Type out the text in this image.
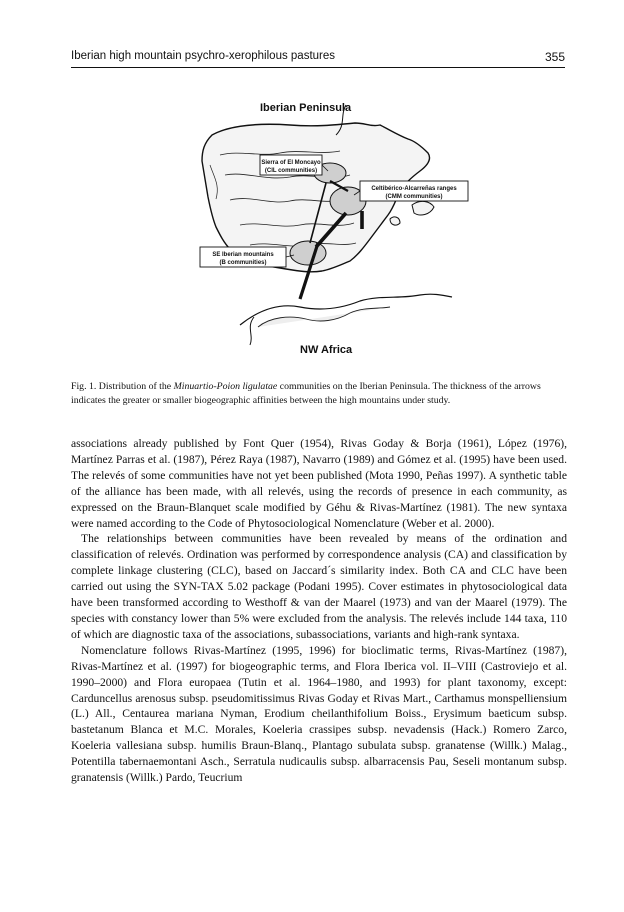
Iberian high mountain psychro-xerophilous pastures	355
Iberian Peninsula
Sierra of El Moncayo
(CIL communities)
Celtibérico-Alcarreñas ranges
(CMM communities)
SE Iberian mountains
(B communities)
NW Africa
Fig. 1. Distribution of the Minuartio-Poion ligulatae communities on the Iberian Peninsula. The thickness of the arrows indicates the greater or smaller biogeographic affinities between the high mountains under study.

associations already published by Font Quer (1954), Rivas Goday & Borja (1961), López (1976), Martínez Parras et al. (1987), Pérez Raya (1987), Navarro (1989) and Gómez et al. (1995) have been used. The relevés of some communities have not yet been published (Mota 1990, Peñas 1997). A synthetic table of the alliance has been made, with all relevés, using the records of presence in each community, as expressed on the Braun-Blanquet scale modified by Géhu & Rivas-Martínez (1981). The new syntaxa were named according to the Code of Phytosociological Nomenclature (Weber et al. 2000).

The relationships between communities have been revealed by means of the ordination and classification of relevés. Ordination was performed by correspondence analysis (CA) and classification by complete linkage clustering (CLC), based on Jaccard´s similarity index. Both CA and CLC have been carried out using the SYN-TAX 5.02 package (Podani 1995). Cover estimates in phytosociological data have been transformed according to Westhoff & van der Maarel (1973) and van der Maarel (1979). The species with constancy lower than 5% were excluded from the analysis. The relevés include 144 taxa, 110 of which are diagnostic taxa of the associations, subassociations, variants and high-rank syntaxa.

Nomenclature follows Rivas-Martínez (1995, 1996) for bioclimatic terms, Rivas-Martínez (1987), Rivas-Martínez et al. (1997) for biogeographic terms, and Flora Iberica vol. II–VIII (Castroviejo et al. 1990–2000) and Flora europaea (Tutin et al. 1964–1980, and 1993) for plant taxonomy, except: Carduncellus arenosus subsp. pseudomitissimus Rivas Goday et Rivas Mart., Carthamus monspelliensium (L.) All., Centaurea mariana Nyman, Erodium cheilanthifolium Boiss., Erysimum baeticum subsp. bastetanum Blanca et M.C. Morales, Koeleria crassipes subsp. nevadensis (Hack.) Romero Zarco, Koeleria vallesiana subsp. humilis Braun-Blanq., Plantago subulata subsp. granatense (Willk.) Malag., Potentilla tabernaemontani Asch., Serratula nudicaulis subsp. albarracensis Pau, Seseli montanum subsp. granatensis (Willk.) Pardo, Teucrium
